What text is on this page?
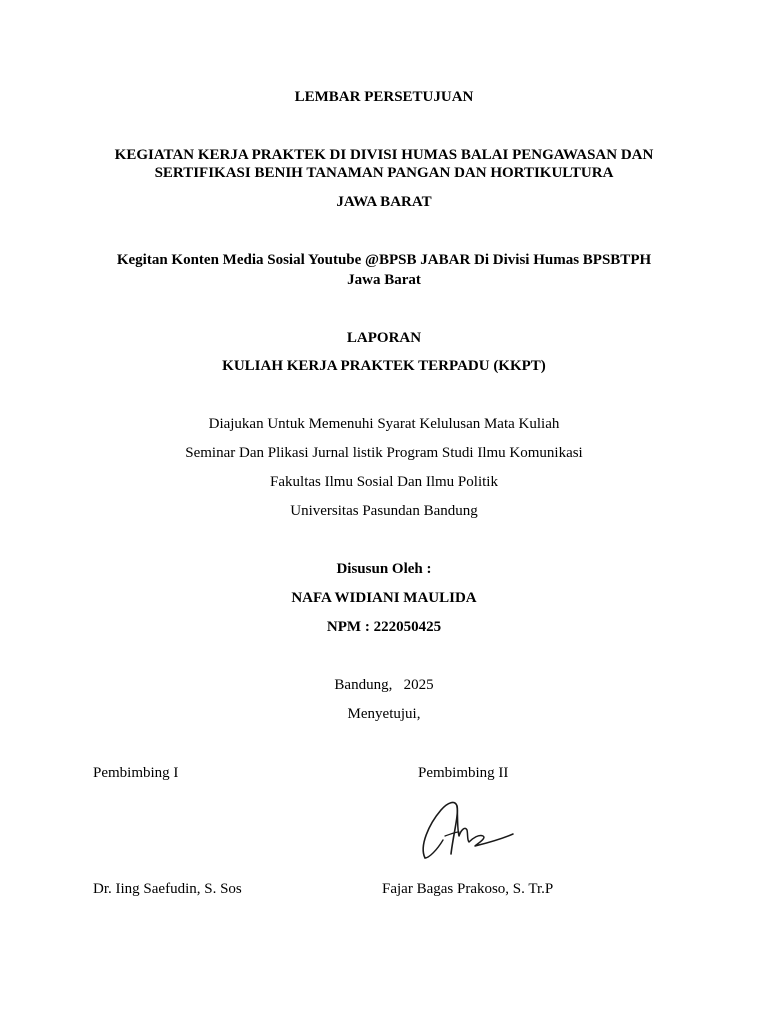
LEMBAR PERSETUJUAN
KEGIATAN KERJA PRAKTEK DI DIVISI HUMAS BALAI PENGAWASAN DAN
SERTIFIKASI BENIH TANAMAN PANGAN DAN HORTIKULTURA
JAWA BARAT
Kegitan Konten Media Sosial Youtube @BPSB JABAR Di Divisi Humas BPSBTPH
Jawa Barat
LAPORAN
KULIAH KERJA PRAKTEK TERPADU (KKPT)
Diajukan Untuk Memenuhi Syarat Kelulusan Mata Kuliah
Seminar Dan Plikasi Jurnal listik Program Studi Ilmu Komunikasi
Fakultas Ilmu Sosial Dan Ilmu Politik
Universitas Pasundan Bandung
Disusun Oleh :
NAFA WIDIANI MAULIDA
NPM : 222050425
Bandung,   2025
Menyetujui,
Pembimbing I	Pembimbing II
Dr. Iing Saefudin, S. Sos	Fajar Bagas Prakoso, S. Tr.P
